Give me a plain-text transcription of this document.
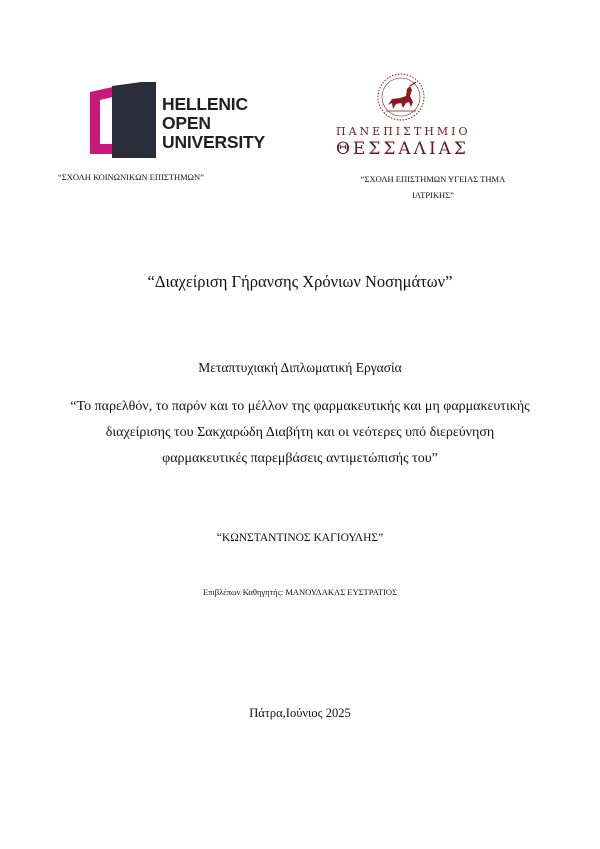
HELLENIC
OPEN
UNIVERSITY
ΠΑΝΕΠΙΣΤΗΜΙΟ
ΘΕΣΣΑΛΙΑΣ
“ΣΧΟΛΗ ΚΟΙΝΩΝΙΚΩΝ ΕΠΙΣΤΗΜΩΝ”	“ΣΧΟΛΗ ΕΠΙΣΤΗΜΩΝ ΥΓΕΙΑΣ ΤΗΜΑ
ΙΑΤΡΙΚΗΣ”
“Διαχείριση Γήρανσης Χρόνιων Νοσημάτων”
Μεταπτυχιακή Διπλωματική Εργασία
“Το παρελθόν, το παρόν και το μέλλον της φαρμακευτικής και μη φαρμακευτικής διαχείρισης του Σακχαρώδη Διαβήτη και οι νεότερες υπό διερεύνηση φαρμακευτικές παρεμβάσεις αντιμετώπισής του”
“ΚΩΝΣΤΑΝΤΙΝΟΣ ΚΑΓΙΟΥΛΗΣ”
Επιβλέπων Καθηγητής: ΜΑΝΟΥΛΑΚΑΣ ΕΥΣΤΡΑΤΙΟΣ
Πάτρα,Ιούνιος 2025
